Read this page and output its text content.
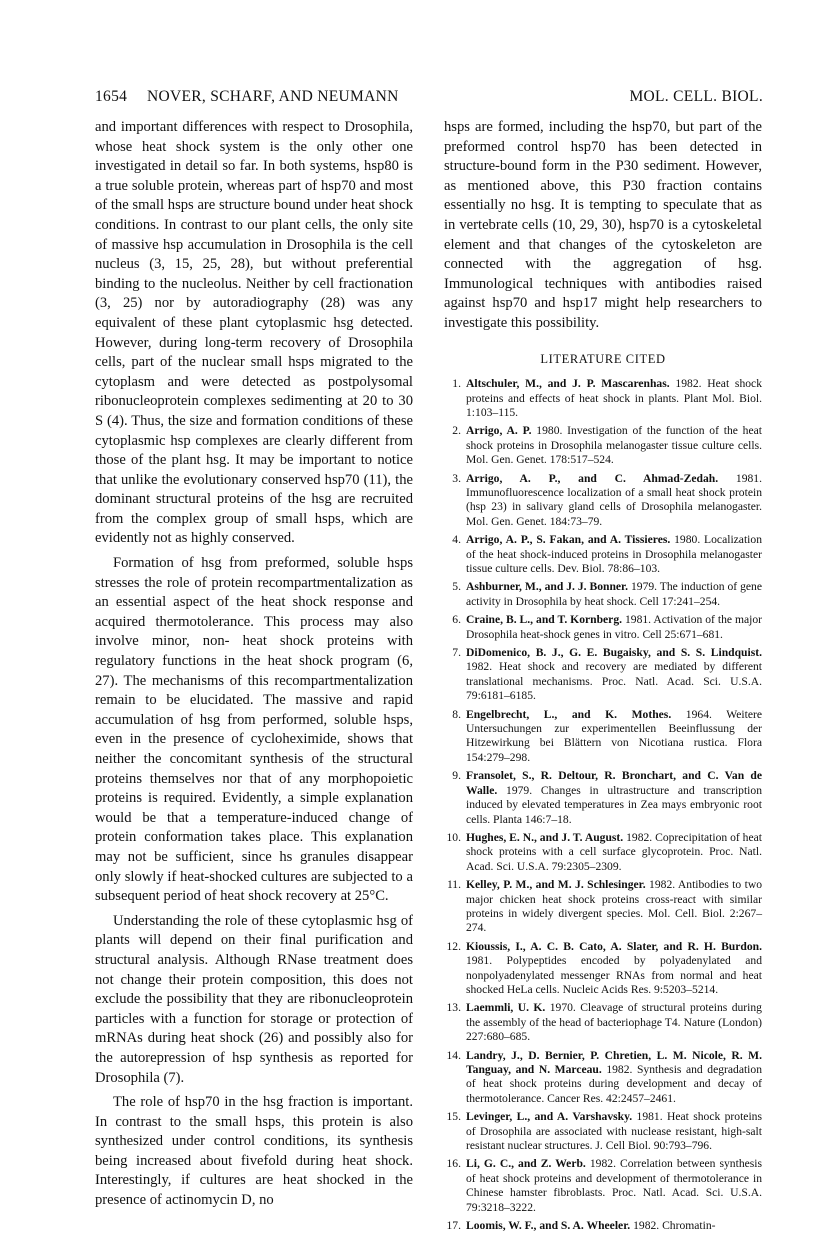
1654 NOVER, SCHARF, AND NEUMANN	MOL. CELL. BIOL.

and important differences with respect to Drosophila, whose heat shock system is the only other one investigated in detail so far. In both systems, hsp80 is a true soluble protein, whereas part of hsp70 and most of the small hsps are structure bound under heat shock conditions. In contrast to our plant cells, the only site of massive hsp accumulation in Drosophila is the cell nucleus (3, 15, 25, 28), but without preferential binding to the nucleolus. Neither by cell fractionation (3, 25) nor by autoradiography (28) was any equivalent of these plant cytoplasmic hsg detected. However, during long-term recovery of Drosophila cells, part of the nuclear small hsps migrated to the cytoplasm and were detected as postpolysomal ribonucleoprotein complexes sedimenting at 20 to 30 S (4). Thus, the size and formation conditions of these cytoplasmic hsp complexes are clearly different from those of the plant hsg. It may be important to notice that unlike the evolutionary conserved hsp70 (11), the dominant structural proteins of the hsg are recruited from the complex group of small hsps, which are evidently not as highly conserved.

Formation of hsg from preformed, soluble hsps stresses the role of protein recompartmentalization as an essential aspect of the heat shock response and acquired thermotolerance. This process may also involve minor, non- heat shock proteins with regulatory functions in the heat shock program (6, 27). The mechanisms of this recompartmentalization remain to be elucidated. The massive and rapid accumulation of hsg from performed, soluble hsps, even in the presence of cycloheximide, shows that neither the concomitant synthesis of the structural proteins themselves nor that of any morphopoietic proteins is required. Evidently, a simple explanation would be that a temperature-induced change of protein conformation takes place. This explanation may not be sufficient, since hs granules disappear only slowly if heat-shocked cultures are subjected to a subsequent period of heat shock recovery at 25°C.

Understanding the role of these cytoplasmic hsg of plants will depend on their final purification and structural analysis. Although RNase treatment does not change their protein composition, this does not exclude the possibility that they are ribonucleoprotein particles with a function for storage or protection of mRNAs during heat shock (26) and possibly also for the autorepression of hsp synthesis as reported for Drosophila (7).

The role of hsp70 in the hsg fraction is important. In contrast to the small hsps, this protein is also synthesized under control conditions, its synthesis being increased about fivefold during heat shock. Interestingly, if cultures are heat shocked in the presence of actinomycin D, no

hsps are formed, including the hsp70, but part of the preformed control hsp70 has been detected in structure-bound form in the P30 sediment. However, as mentioned above, this P30 fraction contains essentially no hsg. It is tempting to speculate that as in vertebrate cells (10, 29, 30), hsp70 is a cytoskeletal element and that changes of the cytoskeleton are connected with the aggregation of hsg. Immunological techniques with antibodies raised against hsp70 and hsp17 might help researchers to investigate this possibility.

LITERATURE CITED
1. Altschuler, M., and J. P. Mascarenhas. 1982. Heat shock proteins and effects of heat shock in plants. Plant Mol. Biol. 1:103–115.
2. Arrigo, A. P. 1980. Investigation of the function of the heat shock proteins in Drosophila melanogaster tissue culture cells. Mol. Gen. Genet. 178:517–524.
3. Arrigo, A. P., and C. Ahmad-Zedah. 1981. Immunofluorescence localization of a small heat shock protein (hsp 23) in salivary gland cells of Drosophila melanogaster. Mol. Gen. Genet. 184:73–79.
4. Arrigo, A. P., S. Fakan, and A. Tissieres. 1980. Localization of the heat shock-induced proteins in Drosophila melanogaster tissue culture cells. Dev. Biol. 78:86–103.
5. Ashburner, M., and J. J. Bonner. 1979. The induction of gene activity in Drosophila by heat shock. Cell 17:241–254.
6. Craine, B. L., and T. Kornberg. 1981. Activation of the major Drosophila heat-shock genes in vitro. Cell 25:671–681.
7. DiDomenico, B. J., G. E. Bugaisky, and S. S. Lindquist. 1982. Heat shock and recovery are mediated by different translational mechanisms. Proc. Natl. Acad. Sci. U.S.A. 79:6181–6185.
8. Engelbrecht, L., and K. Mothes. 1964. Weitere Untersuchungen zur experimentellen Beeinflussung der Hitzewirkung bei Blättern von Nicotiana rustica. Flora 154:279–298.
9. Fransolet, S., R. Deltour, R. Bronchart, and C. Van de Walle. 1979. Changes in ultrastructure and transcription induced by elevated temperatures in Zea mays embryonic root cells. Planta 146:7–18.
10. Hughes, E. N., and J. T. August. 1982. Coprecipitation of heat shock proteins with a cell surface glycoprotein. Proc. Natl. Acad. Sci. U.S.A. 79:2305–2309.
11. Kelley, P. M., and M. J. Schlesinger. 1982. Antibodies to two major chicken heat shock proteins cross-react with similar proteins in widely divergent species. Mol. Cell. Biol. 2:267–274.
12. Kioussis, I., A. C. B. Cato, A. Slater, and R. H. Burdon. 1981. Polypeptides encoded by polyadenylated and nonpolyadenylated messenger RNAs from normal and heat shocked HeLa cells. Nucleic Acids Res. 9:5203–5214.
13. Laemmli, U. K. 1970. Cleavage of structural proteins during the assembly of the head of bacteriophage T4. Nature (London) 227:680–685.
14. Landry, J., D. Bernier, P. Chretien, L. M. Nicole, R. M. Tanguay, and N. Marceau. 1982. Synthesis and degradation of heat shock proteins during development and decay of thermotolerance. Cancer Res. 42:2457–2461.
15. Levinger, L., and A. Varshavsky. 1981. Heat shock proteins of Drosophila are associated with nuclease resistant, high-salt resistant nuclear structures. J. Cell Biol. 90:793–796.
16. Li, G. C., and Z. Werb. 1982. Correlation between synthesis of heat shock proteins and development of thermotolerance in Chinese hamster fibroblasts. Proc. Natl. Acad. Sci. U.S.A. 79:3218–3222.
17. Loomis, W. F., and S. A. Wheeler. 1982. Chromatin-
